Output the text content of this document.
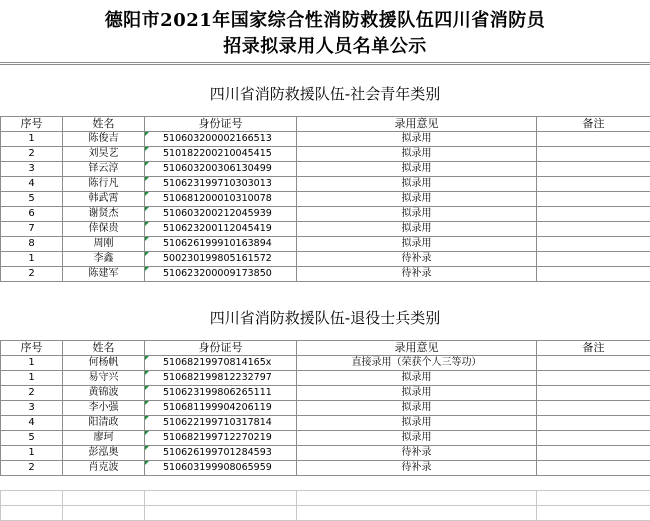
德阳市2021年国家综合性消防救援队伍四川省消防员
招录拟录用人员名单公示
四川省消防救援队伍-社会青年类别
序号	姓名	身份证号	录用意见	备注
1	陈俊吉	510603200002166513	拟录用	
2	刘昊艺	510182200210045415	拟录用	
3	铎云淳	510603200306130499	拟录用	
4	陈行凡	510623199710303013	拟录用	
5	韩武霄	510681200010310078	拟录用	
6	谢贤杰	510603200212045939	拟录用	
7	倖保贵	510623200112045419	拟录用	
8	周刚	510626199910163894	拟录用	
1	李鑫	500230199805161572	待补录	
2	陈建军	510623200009173850	待补录	
四川省消防救援队伍-退役士兵类别
序号	姓名	身份证号	录用意见	备注
1	何杨帆	51068219970814165x	直接录用（荣获个人三等功）	
1	易守兴	510682199812232797	拟录用	
2	黄锦波	510623199806265111	拟录用	
3	李小强	510681199904206119	拟录用	
4	阳清政	510622199710317814	拟录用	
5	廖珂	510682199712270219	拟录用	
1	彭泓奥	510626199701284593	待补录	
2	肖克波	510603199908065959	待补录	
